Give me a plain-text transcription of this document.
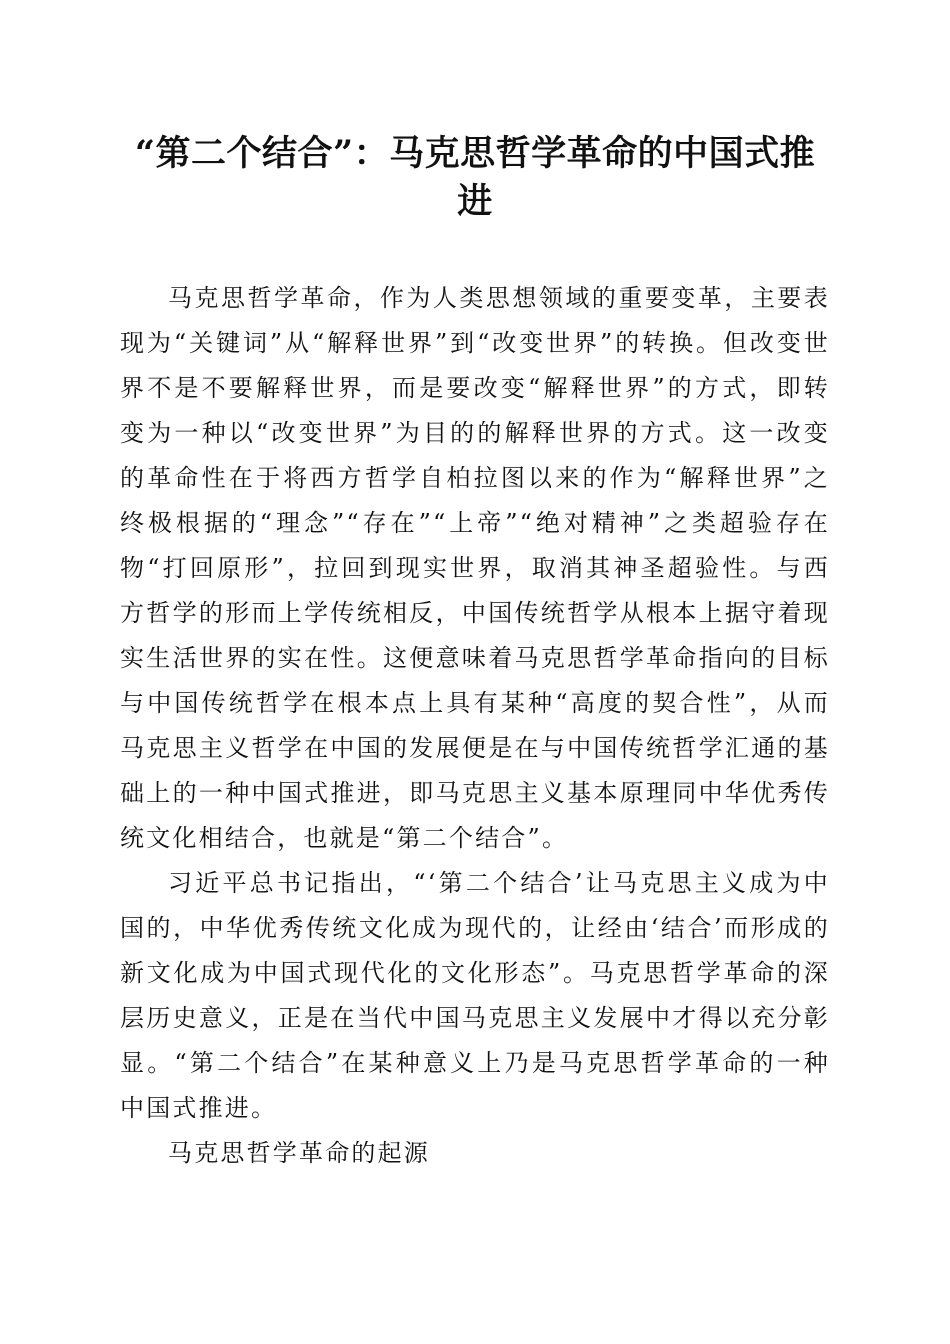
“第二个结合”：马克思哲学革命的中国式推进

马克思哲学革命，作为人类思想领域的重要变革，主要表现为“关键词”从“解释世界”到“改变世界”的转换。但改变世界不是不要解释世界，而是要改变“解释世界”的方式，即转变为一种以“改变世界”为目的的解释世界的方式。这一改变的革命性在于将西方哲学自柏拉图以来的作为“解释世界”之终极根据的“理念”“存在”“上帝”“绝对精神”之类超验存在物“打回原形”，拉回到现实世界，取消其神圣超验性。与西方哲学的形而上学传统相反，中国传统哲学从根本上据守着现实生活世界的实在性。这便意味着马克思哲学革命指向的目标与中国传统哲学在根本点上具有某种“高度的契合性”，从而马克思主义哲学在中国的发展便是在与中国传统哲学汇通的基础上的一种中国式推进，即马克思主义基本原理同中华优秀传统文化相结合，也就是“第二个结合”。

习近平总书记指出，“‘第二个结合’让马克思主义成为中国的，中华优秀传统文化成为现代的，让经由‘结合’而形成的新文化成为中国式现代化的文化形态”。马克思哲学革命的深层历史意义，正是在当代中国马克思主义发展中才得以充分彰显。“第二个结合”在某种意义上乃是马克思哲学革命的一种中国式推进。

马克思哲学革命的起源
